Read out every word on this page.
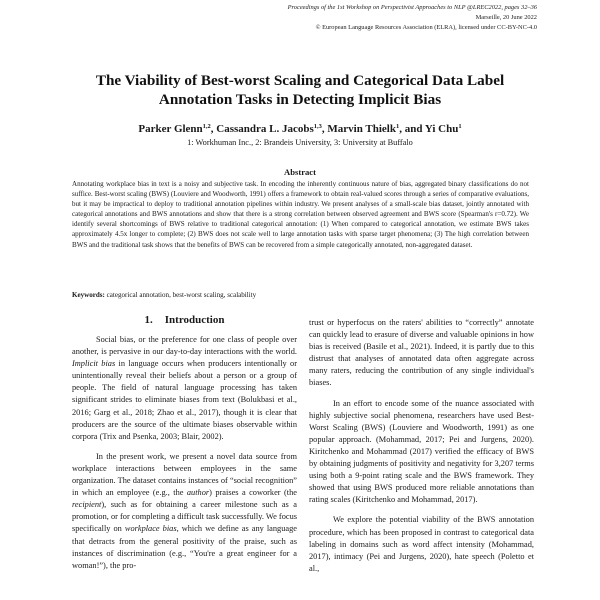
Proceedings of the 1st Workshop on Perspectivist Approaches to NLP @LREC2022, pages 32–36
Marseille, 20 June 2022
© European Language Resources Association (ELRA), licensed under CC-BY-NC-4.0
The Viability of Best-worst Scaling and Categorical Data Label
Annotation Tasks in Detecting Implicit Bias
Parker Glenn$^{1,2}$, Cassandra L. Jacobs$^{1,3}$, Marvin Thielk$^1$, and Yi Chu$^1$
1: Workhuman Inc., 2: Brandeis University, 3: University at Buffalo
Abstract
Annotating workplace bias in text is a noisy and subjective task. In encoding the inherently continuous nature of bias, aggregated binary classifications do not suffice. Best-worst scaling (BWS) (Louviere and Woodworth, 1991) offers a framework to obtain real-valued scores through a series of comparative evaluations, but it may be impractical to deploy to traditional annotation pipelines within industry. We present analyses of a small-scale bias dataset, jointly annotated with categorical annotations and BWS annotations and show that there is a strong correlation between observed agreement and BWS score (Spearman's r=0.72). We identify several shortcomings of BWS relative to traditional categorical annotation: (1) When compared to categorical annotation, we estimate BWS takes approximately 4.5x longer to complete; (2) BWS does not scale well to large annotation tasks with sparse target phenomena; (3) The high correlation between BWS and the traditional task shows that the benefits of BWS can be recovered from a simple categorically annotated, non-aggregated dataset.
Keywords: categorical annotation, best-worst scaling, scalability
1. Introduction

Social bias, or the preference for one class of people over another, is pervasive in our day-to-day interactions with the world. Implicit bias in language occurs when producers intentionally or unintentionally reveal their beliefs about a person or a group of people. The field of natural language processing has taken significant strides to eliminate biases from text (Bolukbasi et al., 2016; Garg et al., 2018; Zhao et al., 2017), though it is clear that producers are the source of the ultimate biases observable within corpora (Trix and Psenka, 2003; Blair, 2002).

In the present work, we present a novel data source from workplace interactions between employees in the same organization. The dataset contains instances of “social recognition” in which an employee (e.g., the author) praises a coworker (the recipient), such as for obtaining a career milestone such as a promotion, or for completing a difficult task successfully. We focus specifically on workplace bias, which we define as any language that detracts from the general positivity of the praise, such as instances of discrimination (e.g., “You're a great engineer for a woman!”), the pro-

trust or hyperfocus on the raters' abilities to “correctly” annotate can quickly lead to erasure of diverse and valuable opinions in how bias is received (Basile et al., 2021). Indeed, it is partly due to this distrust that analyses of annotated data often aggregate across many raters, reducing the contribution of any single individual's biases.

In an effort to encode some of the nuance associated with highly subjective social phenomena, researchers have used Best-Worst Scaling (BWS) (Louviere and Woodworth, 1991) as one popular approach. (Mohammad, 2017; Pei and Jurgens, 2020). Kiritchenko and Mohammad (2017) verified the efficacy of BWS by obtaining judgments of positivity and negativity for 3,207 terms using both a 9-point rating scale and the BWS framework. They showed that using BWS produced more reliable annotations than rating scales (Kiritchenko and Mohammad, 2017).

We explore the potential viability of the BWS annotation procedure, which has been proposed in contrast to categorical data labeling in domains such as word affect intensity (Mohammad, 2017), intimacy (Pei and Jurgens, 2020), hate speech (Poletto et al.,
